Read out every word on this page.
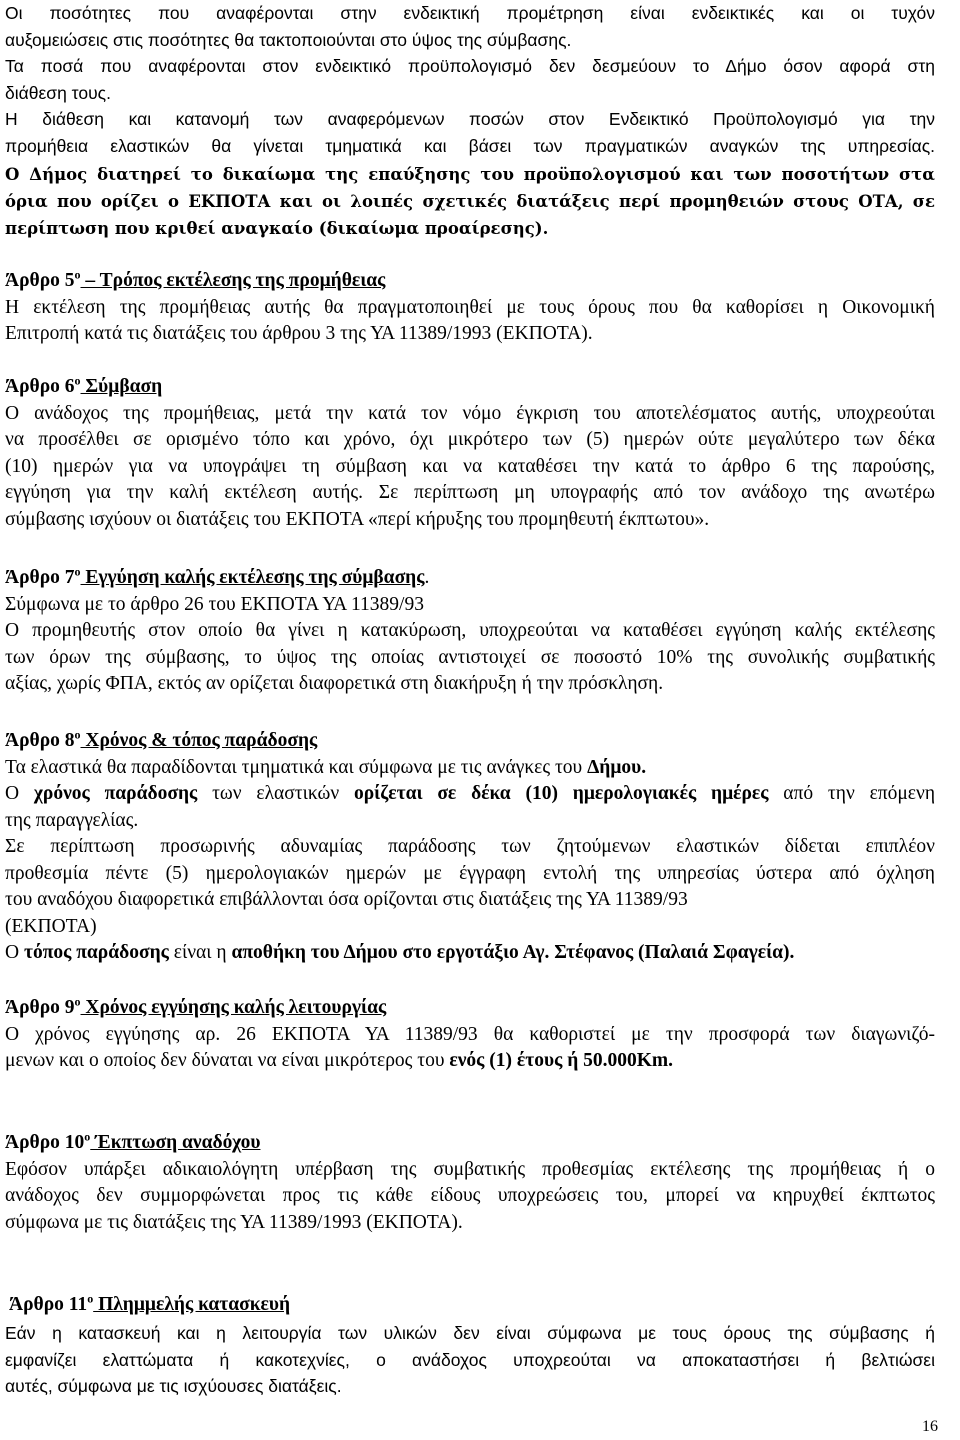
Οι ποσότητες που αναφέρονται στην ενδεικτική προμέτρηση είναι ενδεικτικές και οι τυχόν
αυξομειώσεις στις ποσότητες θα τακτοποιούνται στο ύψος της σύμβασης.
Τα ποσά που αναφέρονται στον ενδεικτικό προϋπολογισμό δεν δεσμεύουν το Δήμο όσον αφορά στη
διάθεση τους.
Η διάθεση και κατανομή των αναφερόμενων ποσών στον Ενδεικτικό Προϋπολογισμό για την
προμήθεια ελαστικών θα γίνεται τμηματικά και βάσει των πραγματικών αναγκών της υπηρεσίας.
Ο Δήμος διατηρεί το δικαίωμα της επαύξησης του προϋπολογισμού και των ποσοτήτων στα
όρια που ορίζει ο ΕΚΠΟΤΑ και οι λοιπές σχετικές διατάξεις περί προμηθειών στους ΟΤΑ, σε
περίπτωση που κριθεί αναγκαίο (δικαίωμα προαίρεσης).
Άρθρο $5^o$ – Τρόπος εκτέλεσης της προμήθειας
Η εκτέλεση της προμήθειας αυτής θα πραγματοποιηθεί με τους όρους που θα καθορίσει η Οικονομική
Επιτροπή κατά τις διατάξεις του άρθρου 3 της ΥΑ 11389/1993 (ΕΚΠΟΤΑ).
Άρθρο $6^o$ Σύμβαση
Ο ανάδοχος της προμήθειας, μετά την κατά τον νόμο έγκριση του αποτελέσματος αυτής, υποχρεούται
να προσέλθει σε ορισμένο τόπο και χρόνο, όχι μικρότερο των (5) ημερών ούτε μεγαλύτερο των δέκα
(10) ημερών για να υπογράψει τη σύμβαση και να καταθέσει την κατά το άρθρο 6 της παρούσης,
εγγύηση για την καλή εκτέλεση αυτής. Σε περίπτωση μη υπογραφής από τον ανάδοχο της ανωτέρω
σύμβασης ισχύουν οι διατάξεις του ΕΚΠΟΤΑ «περί κήρυξης του προμηθευτή έκπτωτου».
Άρθρο $7^o$ Εγγύηση καλής εκτέλεσης της σύμβασης.
Σύμφωνα με το άρθρο 26 του ΕΚΠΟΤΑ ΥΑ 11389/93
Ο προμηθευτής στον οποίο θα γίνει η κατακύρωση, υποχρεούται να καταθέσει εγγύηση καλής εκτέλεσης
των όρων της σύμβασης, το ύψος της οποίας αντιστοιχεί σε ποσοστό 10% της συνολικής συμβατικής
αξίας, χωρίς ΦΠΑ, εκτός αν ορίζεται διαφορετικά στη διακήρυξη ή την πρόσκληση.
Άρθρο $8^o$ Χρόνος & τόπος παράδοσης
Τα ελαστικά θα παραδίδονται τμηματικά και σύμφωνα με τις ανάγκες του Δήμου.
Ο χρόνος παράδοσης των ελαστικών ορίζεται σε δέκα (10) ημερολογιακές ημέρες από την επόμενη
της παραγγελίας.
Σε περίπτωση προσωρινής αδυναμίας παράδοσης των ζητούμενων ελαστικών δίδεται επιπλέον
προθεσμία πέντε (5) ημερολογιακών ημερών με έγγραφη εντολή της υπηρεσίας ύστερα από όχληση
του αναδόχου διαφορετικά επιβάλλονται όσα ορίζονται στις διατάξεις της ΥΑ 11389/93
(ΕΚΠΟΤΑ)
Ο τόπος παράδοσης είναι η αποθήκη του Δήμου στο εργοτάξιο Αγ. Στέφανος (Παλαιά Σφαγεία).
Άρθρο $9^o$ Χρόνος εγγύησης καλής λειτουργίας
Ο χρόνος εγγύησης αρ. 26 ΕΚΠΟΤΑ ΥΑ 11389/93 θα καθοριστεί με την προσφορά των διαγωνιζό-
μενων και ο οποίος δεν δύναται να είναι μικρότερος του ενός (1) έτους ή 50.000Km.
Άρθρο $10^o$ Έκπτωση αναδόχου
Εφόσον υπάρξει αδικαιολόγητη υπέρβαση της συμβατικής προθεσμίας εκτέλεσης της προμήθειας ή ο
ανάδοχος δεν συμμορφώνεται προς τις κάθε είδους υποχρεώσεις του, μπορεί να κηρυχθεί έκπτωτος
σύμφωνα με τις διατάξεις της ΥΑ 11389/1993 (ΕΚΠΟΤΑ).
Άρθρο $11^o$ Πλημμελής κατασκευή
Εάν η κατασκευή και η λειτουργία των υλικών δεν είναι σύμφωνα με τους όρους της σύμβασης ή
εμφανίζει ελαττώματα ή κακοτεχνίες, ο ανάδοχος υποχρεούται να αποκαταστήσει ή βελτιώσει
αυτές, σύμφωνα με τις ισχύουσες διατάξεις.
16
